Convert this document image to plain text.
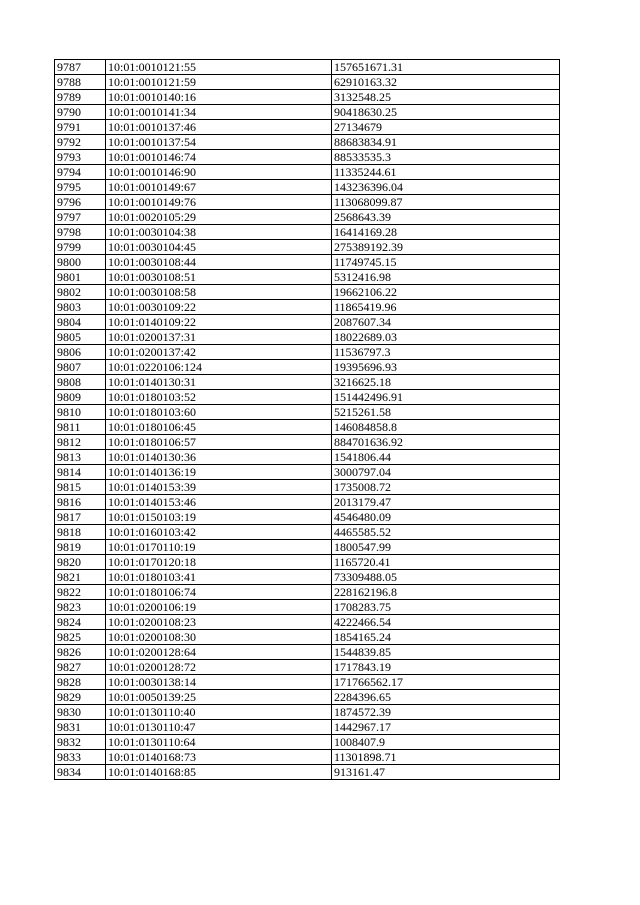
9787	10:01:0010121:55	157651671.31
9788	10:01:0010121:59	62910163.32
9789	10:01:0010140:16	3132548.25
9790	10:01:0010141:34	90418630.25
9791	10:01:0010137:46	27134679
9792	10:01:0010137:54	88683834.91
9793	10:01:0010146:74	88533535.3
9794	10:01:0010146:90	11335244.61
9795	10:01:0010149:67	143236396.04
9796	10:01:0010149:76	113068099.87
9797	10:01:0020105:29	2568643.39
9798	10:01:0030104:38	16414169.28
9799	10:01:0030104:45	275389192.39
9800	10:01:0030108:44	11749745.15
9801	10:01:0030108:51	5312416.98
9802	10:01:0030108:58	19662106.22
9803	10:01:0030109:22	11865419.96
9804	10:01:0140109:22	2087607.34
9805	10:01:0200137:31	18022689.03
9806	10:01:0200137:42	11536797.3
9807	10:01:0220106:124	19395696.93
9808	10:01:0140130:31	3216625.18
9809	10:01:0180103:52	151442496.91
9810	10:01:0180103:60	5215261.58
9811	10:01:0180106:45	146084858.8
9812	10:01:0180106:57	884701636.92
9813	10:01:0140130:36	1541806.44
9814	10:01:0140136:19	3000797.04
9815	10:01:0140153:39	1735008.72
9816	10:01:0140153:46	2013179.47
9817	10:01:0150103:19	4546480.09
9818	10:01:0160103:42	4465585.52
9819	10:01:0170110:19	1800547.99
9820	10:01:0170120:18	1165720.41
9821	10:01:0180103:41	73309488.05
9822	10:01:0180106:74	228162196.8
9823	10:01:0200106:19	1708283.75
9824	10:01:0200108:23	4222466.54
9825	10:01:0200108:30	1854165.24
9826	10:01:0200128:64	1544839.85
9827	10:01:0200128:72	1717843.19
9828	10:01:0030138:14	171766562.17
9829	10:01:0050139:25	2284396.65
9830	10:01:0130110:40	1874572.39
9831	10:01:0130110:47	1442967.17
9832	10:01:0130110:64	1008407.9
9833	10:01:0140168:73	11301898.71
9834	10:01:0140168:85	913161.47
